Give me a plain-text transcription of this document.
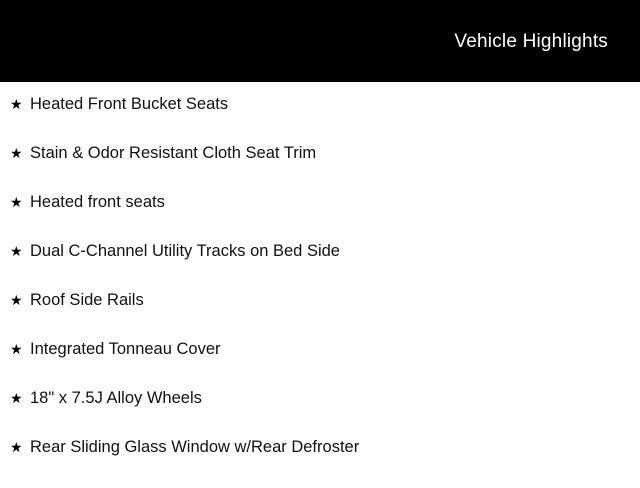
Vehicle Highlights
★ Heated Front Bucket Seats
★ Stain & Odor Resistant Cloth Seat Trim
★ Heated front seats
★ Dual C-Channel Utility Tracks on Bed Side
★ Roof Side Rails
★ Integrated Tonneau Cover
★ 18" x 7.5J Alloy Wheels
★ Rear Sliding Glass Window w/Rear Defroster
